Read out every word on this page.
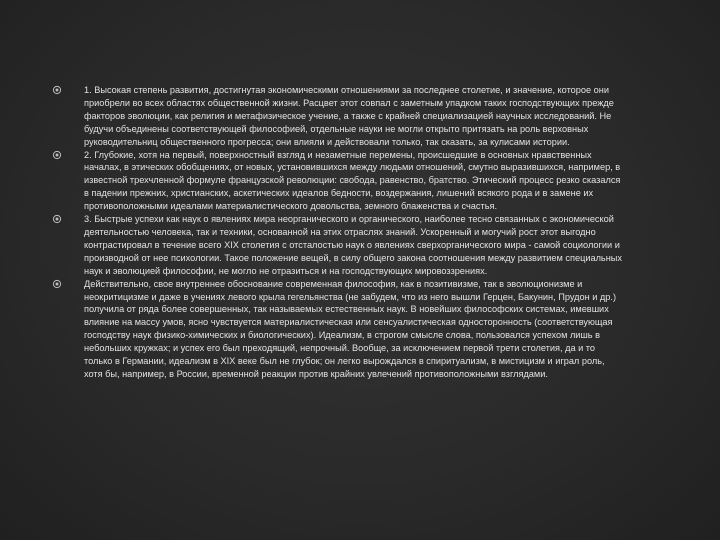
1. Высокая степень развития, достигнутая экономическими отношениями за последнее столетие, и значение, которое они приобрели во всех областях общественной жизни. Расцвет этот совпал с заметным упадком таких господствующих прежде факторов эволюции, как религия и метафизическое учение, а также с крайней специализацией научных исследований. Не будучи объединены соответствующей философией, отдельные науки не могли открыто притязать на роль верховных руководительниц общественного прогресса; они влияли и действовали только, так сказать, за кулисами истории.
2. Глубокие, хотя на первый, поверхностный взгляд и незаметные перемены, происшедшие в основных нравственных началах, в этических обобщениях, от новых, установившихся между людьми отношений, смутно выразившихся, например, в известной трехчленной формуле французской революции: свобода, равенство, братство. Этический процесс резко сказался в падении прежних, христианских, аскетических идеалов бедности, воздержания, лишений всякого рода и в замене их противоположными идеалами материалистического довольства, земного блаженства и счастья.
3. Быстрые успехи как наук о явлениях мира неорганического и органического, наиболее тесно связанных с экономической деятельностью человека, так и техники, основанной на этих отраслях знаний. Ускоренный и могучий рост этот выгодно контрастировал в течение всего XIX столетия с отсталостью наук о явлениях сверхорганического мира - самой социологии и производной от нее психологии. Такое положение вещей, в силу общего закона соотношения между развитием специальных наук и эволюцией философии, не могло не отразиться и на господствующих мировоззрениях.
Действительно, свое внутреннее обоснование современная философия, как в позитивизме, так в эволюционизме и неокритицизме и даже в учениях левого крыла гегельянства (не забудем, что из него вышли Герцен, Бакунин, Прудон и др.) получила от ряда более совершенных, так называемых естественных наук. В новейших философских системах, имевших влияние на массу умов, ясно чувствуется материалистическая или сенсуалистическая односторонность (соответствующая господству наук физико-химических и биологических). Идеализм, в строгом смысле слова, пользовался успехом лишь в небольших кружках; и успех его был преходящий, непрочный. Вообще, за исключением первой трети столетия, да и то только в Германии, идеализм в XIX веке был не глубок; он легко вырождался в спиритуализм, в мистицизм и играл роль, хотя бы, например, в России, временной реакции против крайних увлечений противоположными взглядами.
